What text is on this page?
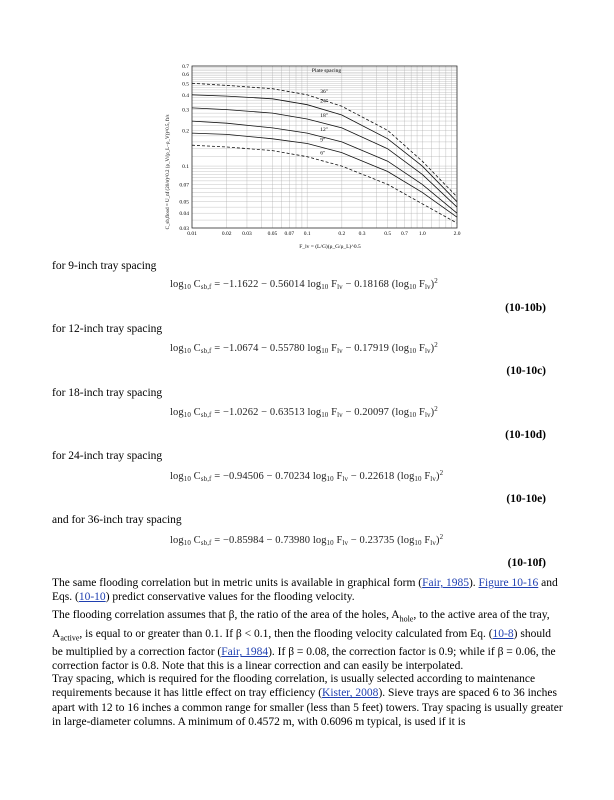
0.03
0.04
0.05
0.07
0.1
0.2
0.3
0.4
0.5
0.6
0.7
0.01	0.02 0.03	0.05 0.07 0.1	0.2 0.3	0.5 0.7 1.0	2.0
36"
24"
18"
12"
9"
6"
Plate spacing
C_sb,flood = U_nf (20/σ)^0.2 (ρ_V/(ρ_L−ρ_V))^0.5, ft/s
F_lv = (L/G)(ρ_G/ρ_L)^0.5
for 9-inch tray spacing
$\log_{10} C_{sb,f} = -1.1622 - 0.56014$ $\log_{10} F_{lv} - 0.18168$ ($\log_{10}$ $F_{lv})^2$
(10-10b)
for 12-inch tray spacing
$\log_{10} C_{sb,f} = -1.0674 - 0.55780$ $\log_{10} F_{lv} - 0.17919$ ($\log_{10}$ $F_{lv})^2$
(10-10c)
for 18-inch tray spacing
$\log_{10} C_{sb,f} = -1.0262 - 0.63513$ $\log_{10} F_{lv} - 0.20097$ ($\log_{10}$ $F_{lv})^2$
(10-10d)
for 24-inch tray spacing
$\log_{10} C_{sb,f} = -0.94506 - 0.70234$ $\log_{10} F_{lv} - 0.22618$ ($\log_{10}$ $F_{lv})^2$
(10-10e)
and for 36-inch tray spacing
$\log_{10} C_{sb,f} = -0.85984 - 0.73980$ $\log_{10} F_{lv} - 0.23735$ ($\log_{10}$ $F_{lv})^2$
(10-10f)
The same flooding correlation but in metric units is available in graphical form (Fair, 1985). Figure 10-16 and Eqs. (10-10) predict conservative values for the flooding velocity.
The flooding correlation assumes that β, the ratio of the area of the holes, $A_{hole}$, to the active area of the tray, $A_{active}$, is equal to or greater than 0.1. If β < 0.1, then the flooding velocity calculated from Eq. (10-8) should be multiplied by a correction factor (Fair, 1984). If β = 0.08, the correction factor is 0.9; while if β = 0.06, the correction factor is 0.8. Note that this is a linear correction and can easily be interpolated.
Tray spacing, which is required for the flooding correlation, is usually selected according to maintenance requirements because it has little effect on tray efficiency (Kister, 2008). Sieve trays are spaced 6 to 36 inches apart with 12 to 16 inches a common range for smaller (less than 5 feet) towers. Tray spacing is usually greater in large-diameter columns. A minimum of 0.4572 m, with 0.6096 m typical, is used if it is
